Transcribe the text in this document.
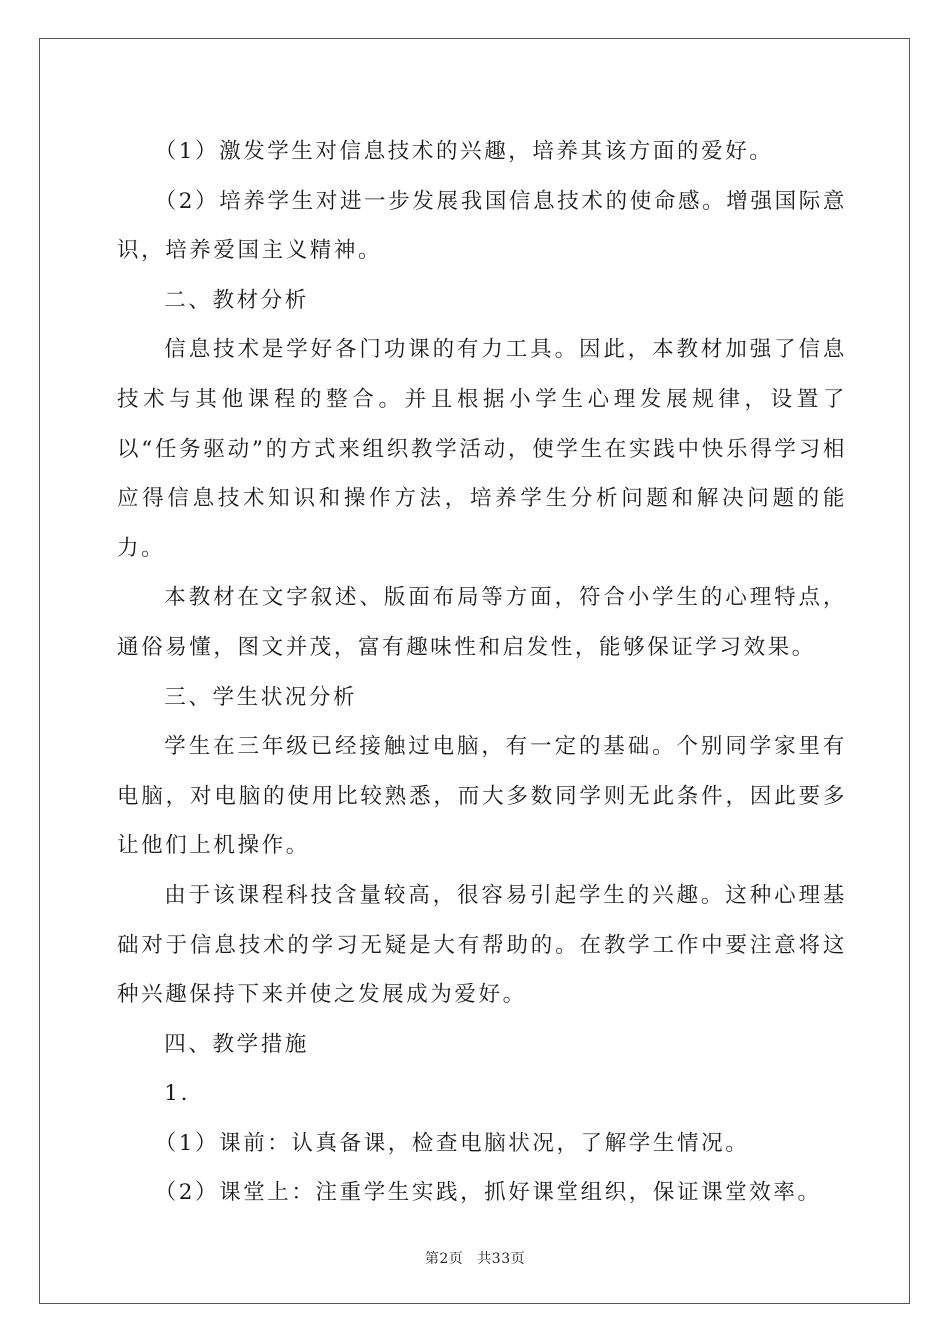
（1）激发学生对信息技术的兴趣，培养其该方面的爱好。

（2）培养学生对进一步发展我国信息技术的使命感。增强国际意识，培养爱国主义精神。

二、教材分析

信息技术是学好各门功课的有力工具。因此，本教材加强了信息技术与其他课程的整合。并且根据小学生心理发展规律，设置了以“任务驱动”的方式来组织教学活动，使学生在实践中快乐得学习相应得信息技术知识和操作方法，培养学生分析问题和解决问题的能力。

本教材在文字叙述、版面布局等方面，符合小学生的心理特点，通俗易懂，图文并茂，富有趣味性和启发性，能够保证学习效果。

三、学生状况分析

学生在三年级已经接触过电脑，有一定的基础。个别同学家里有电脑，对电脑的使用比较熟悉，而大多数同学则无此条件，因此要多让他们上机操作。

由于该课程科技含量较高，很容易引起学生的兴趣。这种心理基础对于信息技术的学习无疑是大有帮助的。在教学工作中要注意将这种兴趣保持下来并使之发展成为爱好。

四、教学措施

1.

（1）课前：认真备课，检查电脑状况，了解学生情况。

（2）课堂上：注重学生实践，抓好课堂组织，保证课堂效率。

第2页 共33页
